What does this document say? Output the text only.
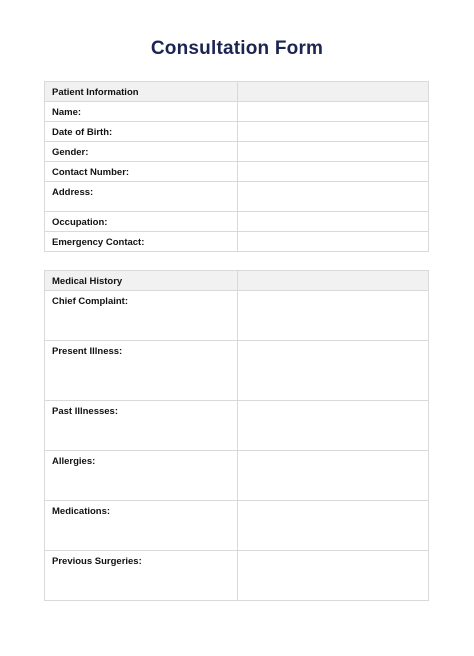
Consultation Form
Patient Information	

Name:	

Date of Birth:	

Gender:	

Contact Number:	

Address:	

Occupation:	

Emergency Contact:	

Medical History	

Chief Complaint:	

Present Illness:	

Past Illnesses:	

Allergies:	

Medications:	

Previous Surgeries:	
